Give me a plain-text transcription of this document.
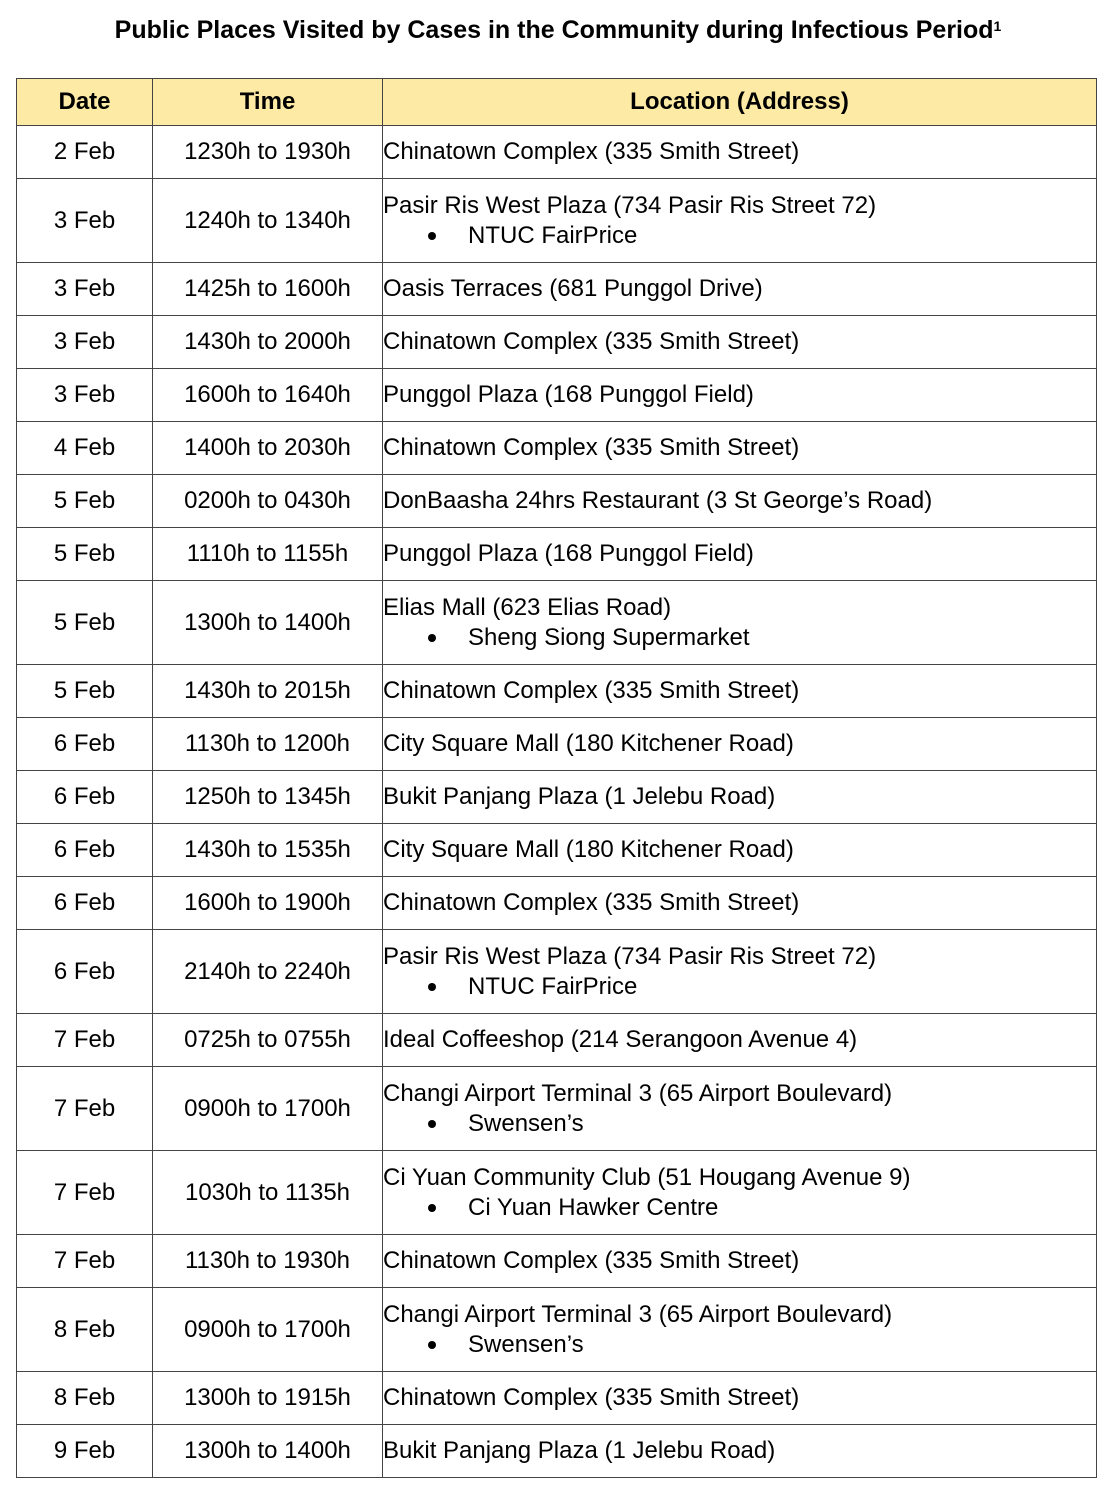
Public Places Visited by Cases in the Community during Infectious Period$^1$
Date	Time	Location (Address)
2 Feb	1230h to 1930h	Chinatown Complex (335 Smith Street)

3 Feb	1240h to 1340h	Pasir Ris West Plaza (734 Pasir Ris Street 72)
NTUC FairPrice

3 Feb	1425h to 1600h	Oasis Terraces (681 Punggol Drive)

3 Feb	1430h to 2000h	Chinatown Complex (335 Smith Street)

3 Feb	1600h to 1640h	Punggol Plaza (168 Punggol Field)

4 Feb	1400h to 2030h	Chinatown Complex (335 Smith Street)

5 Feb	0200h to 0430h	DonBaasha 24hrs Restaurant (3 St George’s Road)

5 Feb	1110h to 1155h	Punggol Plaza (168 Punggol Field)

5 Feb	1300h to 1400h	Elias Mall (623 Elias Road)
Sheng Siong Supermarket

5 Feb	1430h to 2015h	Chinatown Complex (335 Smith Street)

6 Feb	1130h to 1200h	City Square Mall (180 Kitchener Road)

6 Feb	1250h to 1345h	Bukit Panjang Plaza (1 Jelebu Road)

6 Feb	1430h to 1535h	City Square Mall (180 Kitchener Road)

6 Feb	1600h to 1900h	Chinatown Complex (335 Smith Street)

6 Feb	2140h to 2240h	Pasir Ris West Plaza (734 Pasir Ris Street 72)
NTUC FairPrice

7 Feb	0725h to 0755h	Ideal Coffeeshop (214 Serangoon Avenue 4)

7 Feb	0900h to 1700h	Changi Airport Terminal 3 (65 Airport Boulevard)
Swensen’s

7 Feb	1030h to 1135h	Ci Yuan Community Club (51 Hougang Avenue 9)
Ci Yuan Hawker Centre

7 Feb	1130h to 1930h	Chinatown Complex (335 Smith Street)

8 Feb	0900h to 1700h	Changi Airport Terminal 3 (65 Airport Boulevard)
Swensen’s

8 Feb	1300h to 1915h	Chinatown Complex (335 Smith Street)

9 Feb	1300h to 1400h	Bukit Panjang Plaza (1 Jelebu Road)
